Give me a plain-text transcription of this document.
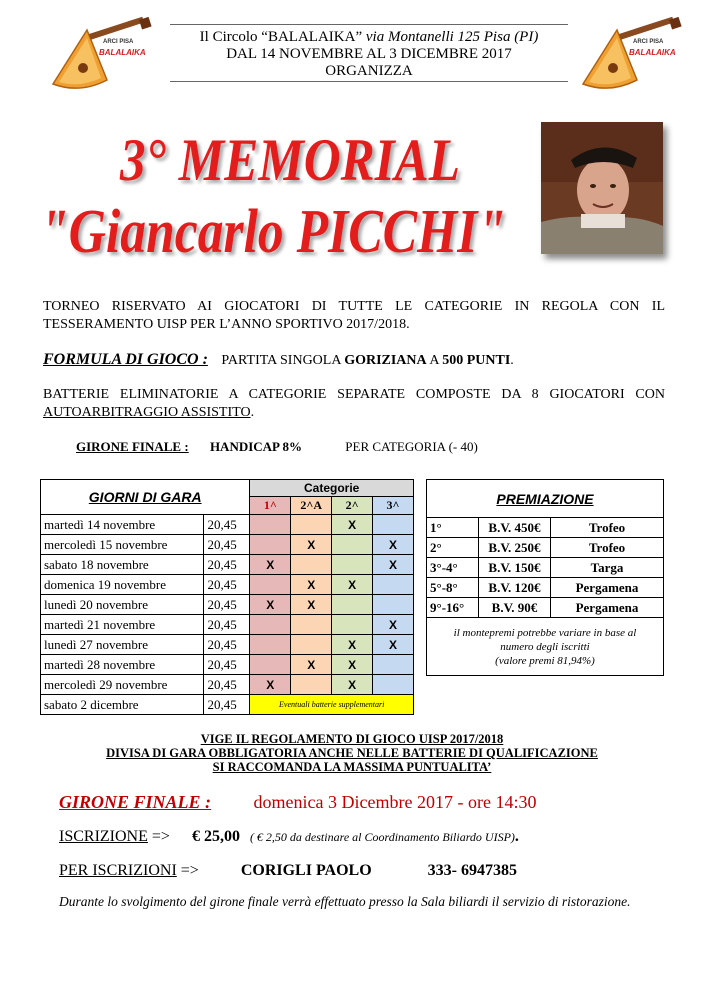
ARCI PISA
BALALAIKA
ARCI PISA
BALALAIKA
Il Circolo “BALALAIKA” via Montanelli 125 Pisa (PI)
DAL 14 NOVEMBRE AL 3 DICEMBRE 2017
ORGANIZZA
3° MEMORIAL
"Giancarlo PICCHI"
TORNEO RISERVATO AI GIOCATORI DI TUTTE LE CATEGORIE IN REGOLA CON IL
TESSERAMENTO UISP PER L’ANNO SPORTIVO 2017/2018.
FORMULA DI GIOCO : PARTITA SINGOLA GORIZIANA A 500 PUNTI.
BATTERIE ELIMINATORIE A CATEGORIE SEPARATE COMPOSTE DA 8 GIOCATORI CON
AUTOARBITRAGGIO ASSISTITO.
GIRONE FINALE : HANDICAP 8%	PER CATEGORIA (- 40)
GIORNI DI GARA		Categorie			
		1^	2^A	2^	3^
martedì 14 novembre	20,45			X	
mercoledì 15 novembre	20,45		X		X
sabato 18 novembre	20,45	X			X
domenica 19 novembre	20,45		X	X	
lunedì 20 novembre	20,45	X	X		
martedì 21 novembre	20,45				X
lunedì 27 novembre	20,45			X	X
martedì 28 novembre	20,45		X	X	
mercoledì 29 novembre	20,45	X		X	
sabato 2 dicembre	20,45	Eventuali batterie supplementari			
PREMIAZIONE		
1°	B.V. 450€	Trofeo
2°	B.V. 250€	Trofeo
3°-4°	B.V. 150€	Targa
5°-8°	B.V. 120€	Pergamena
9°-16°	B.V. 90€	Pergamena
il montepremi potrebbe variare in base al
numero degli iscritti
(valore premi 81,94%)		
VIGE IL REGOLAMENTO DI GIOCO UISP 2017/2018
DIVISA DI GARA OBBLIGATORIA ANCHE NELLE BATTERIE DI QUALIFICAZIONE
SI RACCOMANDA LA MASSIMA PUNTUALITA’
GIRONE FINALE : domenica 3 Dicembre 2017 - ore 14:30
ISCRIZIONE => € 25,00 ( € 2,50 da destinare al Coordinamento Biliardo UISP).
PER ISCRIZIONI =>	CORIGLI PAOLO	333- 6947385
Durante lo svolgimento del girone finale verrà effettuato presso la Sala biliardi il servizio di ristorazione.
